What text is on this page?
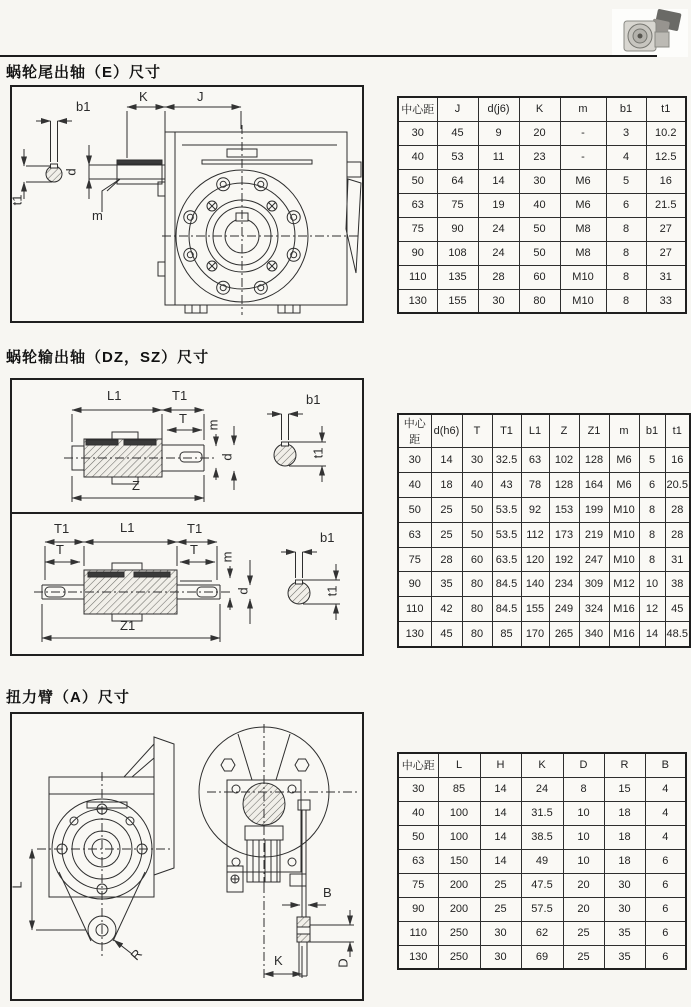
蜗轮尾出轴（E）尺寸
b1
K	J
d
t1
m
中心距	J	d(j6)	K	m	b1	t1
30	45	9	20	-	3	10.2
40	53	11	23	-	4	12.5
50	64	14	30	M6	5	16
63	75	19	40	M6	6	21.5
75	90	24	50	M8	8	27
90	108	24	50	M8	8	27
110	135	28	60	M10	8	31
130	155	30	80	M10	8	33
蜗轮输出轴（DZ，SZ）尺寸
L1	T1
T m
d
Z
b1
t1
T1	L1	T1
T	T m
d
Z1
b1
t1
中心距	d(h6)	T	T1	L1	Z	Z1	m	b1	t1
30	14	30	32.5	63	102	128	M6	5	16
40	18	40	43	78	128	164	M6	6	20.5
50	25	50	53.5	92	153	199	M10	8	28
63	25	50	53.5	112	173	219	M10	8	28
75	28	60	63.5	120	192	247	M10	8	31
90	35	80	84.5	140	234	309	M12	10	38
110	42	80	84.5	155	249	324	M16	12	45
130	45	80	85	170	265	340	M16	14	48.5
扭力臂（A）尺寸
L
R
B
K	D
中心距	L	H	K	D	R	B
30	85	14	24	8	15	4
40	100	14	31.5	10	18	4
50	100	14	38.5	10	18	4
63	150	14	49	10	18	6
75	200	25	47.5	20	30	6
90	200	25	57.5	20	30	6
110	250	30	62	25	35	6
130	250	30	69	25	35	6
